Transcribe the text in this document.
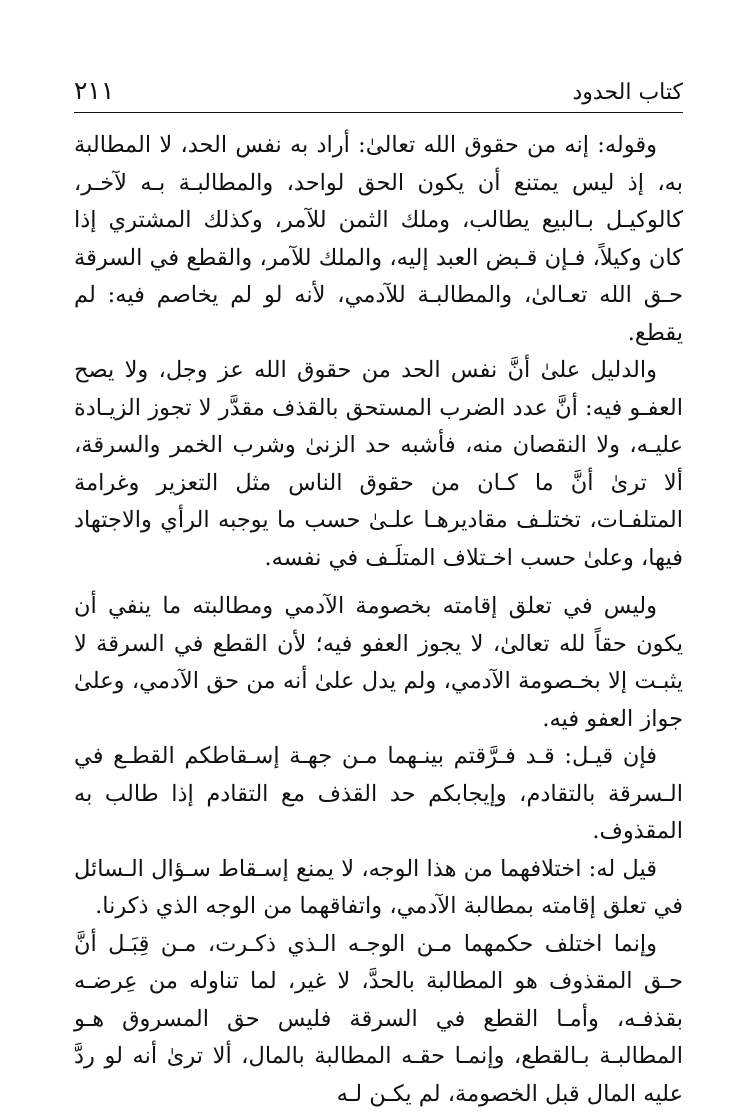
كتاب الحدود
٢١١

وقوله: إنه من حقوق الله تعالىٰ: أراد به نفس الحد، لا المطالبة به، إذ ليس يمتنع أن يكون الحق لواحد، والمطالبـة بـه لآخـر، كالوكيـل بـالبيع يطالب، وملك الثمن للآمر، وكذلك المشتري إذا كان وكيلاً، فـإن قـبض العبد إليه، والملك للآمر، والقطع في السرقة حـق الله تعـالىٰ، والمطالبـة للآدمي، لأنه لو لم يخاصم فيه: لم يقطع.

والدليل علىٰ أنَّ نفس الحد من حقوق الله عز وجل، ولا يصح العفـو فيه: أنَّ عدد الضرب المستحق بالقذف مقدَّر لا تجوز الزيـادة عليـه، ولا النقصان منه، فأشبه حد الزنىٰ وشرب الخمر والسرقة، ألا ترىٰ أنَّ ما كـان من حقوق الناس مثل التعزير وغرامة المتلفـات، تختلـف مقاديرهـا علـىٰ حسب ما يوجبه الرأي والاجتهاد فيها، وعلىٰ حسب اخـتلاف المتلَـف في نفسه.

وليس في تعلق إقامته بخصومة الآدمي ومطالبته ما ينفي أن يكون حقاً لله تعالىٰ، لا يجوز العفو فيه؛ لأن القطع في السرقة لا يثبـت إلا بخـصومة الآدمي، ولم يدل علىٰ أنه من حق الآدمي، وعلىٰ جواز العفو فيه.

فإن قيـل: قـد فـرَّقتم بينـهما مـن جهـة إسـقاطكم القطـع في الـسرقة بالتقادم، وإيجابكم حد القذف مع التقادم إذا طالب به المقذوف.

قيل له: اختلافهما من هذا الوجه، لا يمنع إسـقاط سـؤال الـسائل في تعلق إقامته بمطالبة الآدمي، واتفاقهما من الوجه الذي ذكرنا.

وإنما اختلف حكمهما مـن الوجـه الـذي ذكـرت، مـن قِبَـل أنَّ حـق المقذوف هو المطالبة بالحدَّ، لا غير، لما تناوله من عِرضـه بقذفـه، وأمـا القطع في السرقة فليس حق المسروق هـو المطالبـة بـالقطع، وإنمـا حقـه المطالبة بالمال، ألا ترىٰ أنه لو ردَّ عليه المال قبل الخصومة، لم يكـن لـه
